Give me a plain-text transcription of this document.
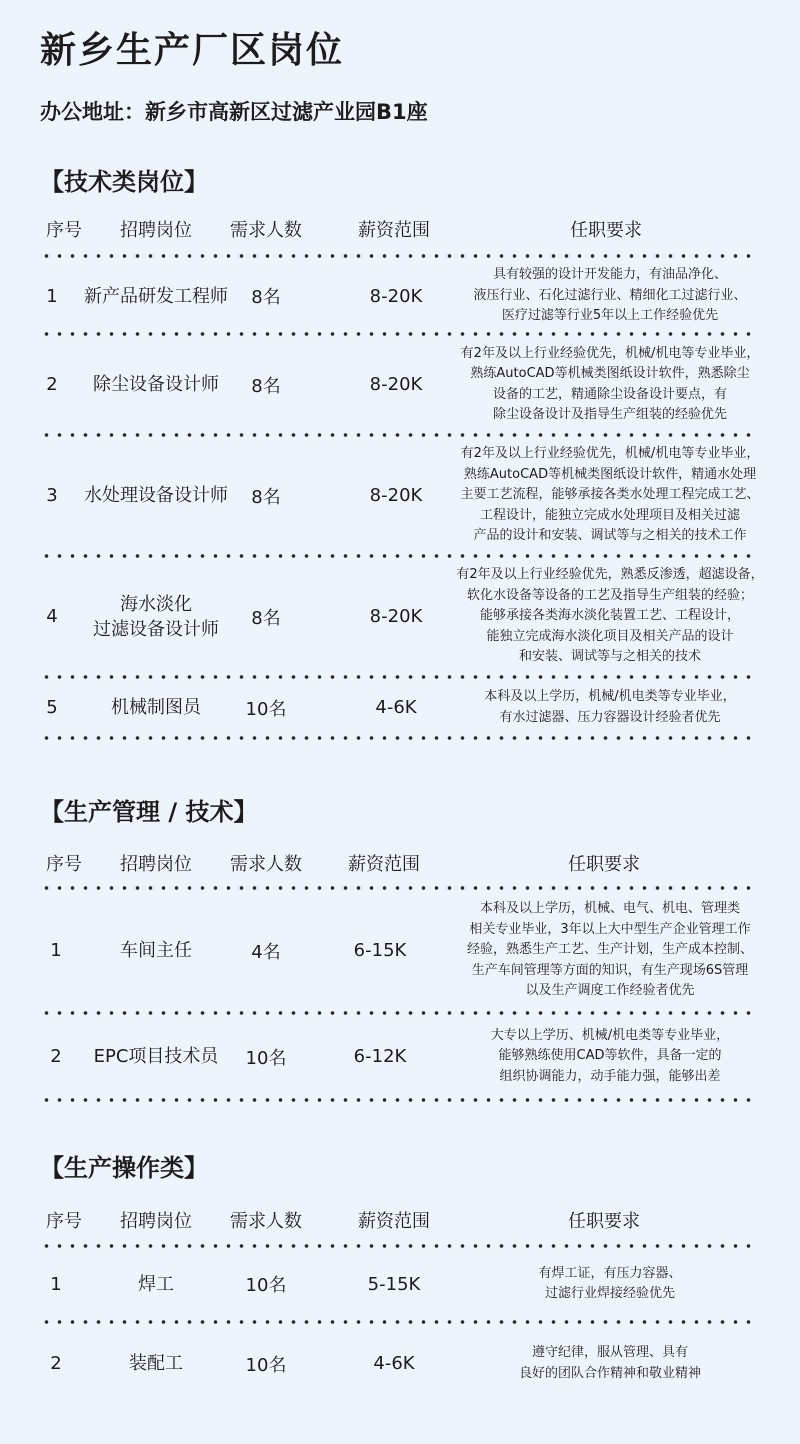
新乡生产厂区岗位
办公地址：新乡市高新区过滤产业园B1座
【技术类岗位】
序号 招聘岗位 需求人数	薪资范围	任职要求
1 新产品研发工程师 8名	8-20K
具有较强的设计开发能力，有油品净化、
液压行业、石化过滤行业、精细化工过滤行业、
医疗过滤等行业5年以上工作经验优先
2 除尘设备设计师 8名	8-20K
有2年及以上行业经验优先，机械/机电等专业毕业，
熟练AutoCAD等机械类图纸设计软件，熟悉除尘
设备的工艺，精通除尘设备设计要点，有
除尘设备设计及指导生产组装的经验优先
3 水处理设备设计师 8名	8-20K
有2年及以上行业经验优先，机械/机电等专业毕业，
熟练AutoCAD等机械类图纸设计软件，精通水处理
主要工艺流程，能够承接各类水处理工程完成工艺、
工程设计，能独立完成水处理项目及相关过滤
产品的设计和安装、调试等与之相关的技术工作
4
海水淡化
过滤设备设计师
8名	8-20K
有2年及以上行业经验优先，熟悉反渗透，超滤设备，
软化水设备等设备的工艺及指导生产组装的经验；
能够承接各类海水淡化装置工艺、工程设计，
能独立完成海水淡化项目及相关产品的设计
和安装、调试等与之相关的技术
5	机械制图员 10名	4-6K
本科及以上学历，机械/机电类等专业毕业，
有水过滤器、压力容器设计经验者优先
【生产管理 / 技术】
序号 招聘岗位 需求人数	薪资范围	任职要求
1	车间主任	4名	6-15K
本科及以上学历，机械、电气、机电、管理类
相关专业毕业，3年以上大中型生产企业管理工作
经验，熟悉生产工艺、生产计划，生产成本控制、
生产车间管理等方面的知识，有生产现场6S管理
以及生产调度工作经验者优先
2 EPC项目技术员 10名	6-12K
大专以上学历、机械/机电类等专业毕业，
能够熟练使用CAD等软件，具备一定的
组织协调能力，动手能力强，能够出差
【生产操作类】
序号 招聘岗位 需求人数	薪资范围	任职要求
1	焊工	10名	5-15K
有焊工证，有压力容器、
过滤行业焊接经验优先
2	装配工	10名	4-6K
遵守纪律，服从管理、具有
良好的团队合作精神和敬业精神
